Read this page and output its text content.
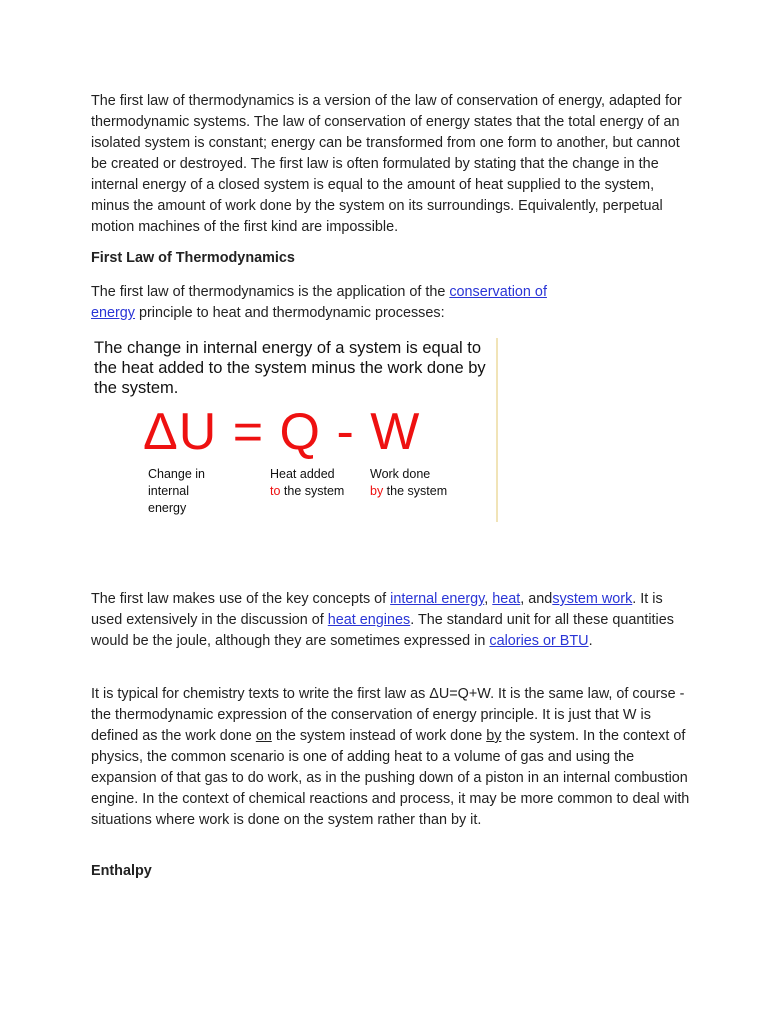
The first law of thermodynamics is a version of the law of conservation of energy, adapted for thermodynamic systems. The law of conservation of energy states that the total energy of an isolated system is constant; energy can be transformed from one form to another, but cannot be created or destroyed. The first law is often formulated by stating that the change in the internal energy of a closed system is equal to the amount of heat supplied to the system, minus the amount of work done by the system on its surroundings. Equivalently, perpetual motion machines of the first kind are impossible.

First Law of Thermodynamics

The first law of thermodynamics is the application of the conservation of energy principle to heat and thermodynamic processes:

The change in internal energy of a system is equal to the heat added to the system minus the work done by the system.
ΔU = Q - W
Change in
internal
energy
Heat added
to the system
Work done
by the system

The first law makes use of the key concepts of internal energy, heat, andsystem work. It is used extensively in the discussion of heat engines. The standard unit for all these quantities would be the joule, although they are sometimes expressed in calories or BTU.

It is typical for chemistry texts to write the first law as ΔU=Q+W. It is the same law, of course - the thermodynamic expression of the conservation of energy principle. It is just that W is defined as the work done on the system instead of work done by the system. In the context of physics, the common scenario is one of adding heat to a volume of gas and using the expansion of that gas to do work, as in the pushing down of a piston in an internal combustion engine. In the context of chemical reactions and process, it may be more common to deal with situations where work is done on the system rather than by it.

Enthalpy
